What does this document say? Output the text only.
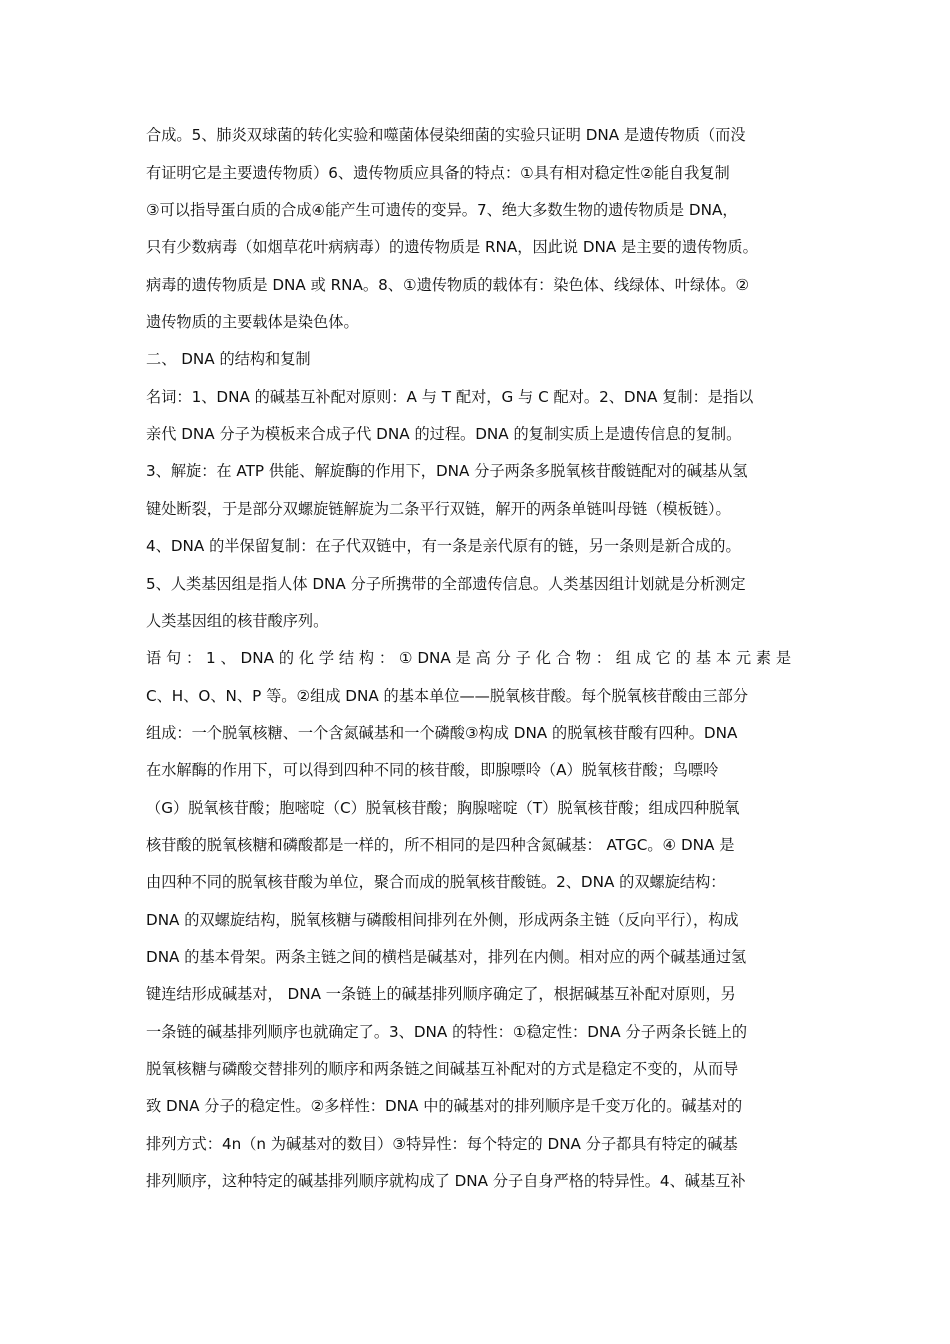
合成。5、肺炎双球菌的转化实验和噬菌体侵染细菌的实验只证明 DNA 是遗传物质（而没
有证明它是主要遗传物质）6、遗传物质应具备的特点：①具有相对稳定性②能自我复制
③可以指导蛋白质的合成④能产生可遗传的变异。7、绝大多数生物的遗传物质是 DNA，
只有少数病毒（如烟草花叶病病毒）的遗传物质是 RNA，因此说 DNA 是主要的遗传物质。
病毒的遗传物质是 DNA 或 RNA。8、①遗传物质的载体有：染色体、线绿体、叶绿体。②
遗传物质的主要载体是染色体。
二、 DNA 的结构和复制
名词：1、DNA 的碱基互补配对原则：A 与 T 配对，G 与 C 配对。2、DNA 复制：是指以
亲代 DNA 分子为模板来合成子代 DNA 的过程。DNA 的复制实质上是遗传信息的复制。
3、解旋：在 ATP 供能、解旋酶的作用下，DNA 分子两条多脱氧核苷酸链配对的碱基从氢
键处断裂，于是部分双螺旋链解旋为二条平行双链，解开的两条单链叫母链（模板链）。
4、DNA 的半保留复制：在子代双链中，有一条是亲代原有的链，另一条则是新合成的。
5、人类基因组是指人体 DNA 分子所携带的全部遗传信息。人类基因组计划就是分析测定
人类基因组的核苷酸序列。
语 句 ： 1 、 DNA 的 化 学 结 构 ： ① DNA 是 高 分 子 化 合 物 ： 组 成 它 的 基 本 元 素 是
C、H、O、N、P 等。②组成 DNA 的基本单位——脱氧核苷酸。每个脱氧核苷酸由三部分
组成：一个脱氧核糖、一个含氮碱基和一个磷酸③构成 DNA 的脱氧核苷酸有四种。DNA
在水解酶的作用下，可以得到四种不同的核苷酸，即腺嘌呤（A）脱氧核苷酸；鸟嘌呤
（G）脱氧核苷酸；胞嘧啶（C）脱氧核苷酸；胸腺嘧啶（T）脱氧核苷酸；组成四种脱氧
核苷酸的脱氧核糖和磷酸都是一样的，所不相同的是四种含氮碱基： ATGC。④ DNA 是
由四种不同的脱氧核苷酸为单位，聚合而成的脱氧核苷酸链。2、DNA 的双螺旋结构：
DNA 的双螺旋结构，脱氧核糖与磷酸相间排列在外侧，形成两条主链（反向平行），构成
DNA 的基本骨架。两条主链之间的横档是碱基对，排列在内侧。相对应的两个碱基通过氢
键连结形成碱基对， DNA 一条链上的碱基排列顺序确定了，根据碱基互补配对原则，另
一条链的碱基排列顺序也就确定了。3、DNA 的特性：①稳定性：DNA 分子两条长链上的
脱氧核糖与磷酸交替排列的顺序和两条链之间碱基互补配对的方式是稳定不变的，从而导
致 DNA 分子的稳定性。②多样性：DNA 中的碱基对的排列顺序是千变万化的。碱基对的
排列方式：4n（n 为碱基对的数目）③特异性：每个特定的 DNA 分子都具有特定的碱基
排列顺序，这种特定的碱基排列顺序就构成了 DNA 分子自身严格的特异性。4、碱基互补
